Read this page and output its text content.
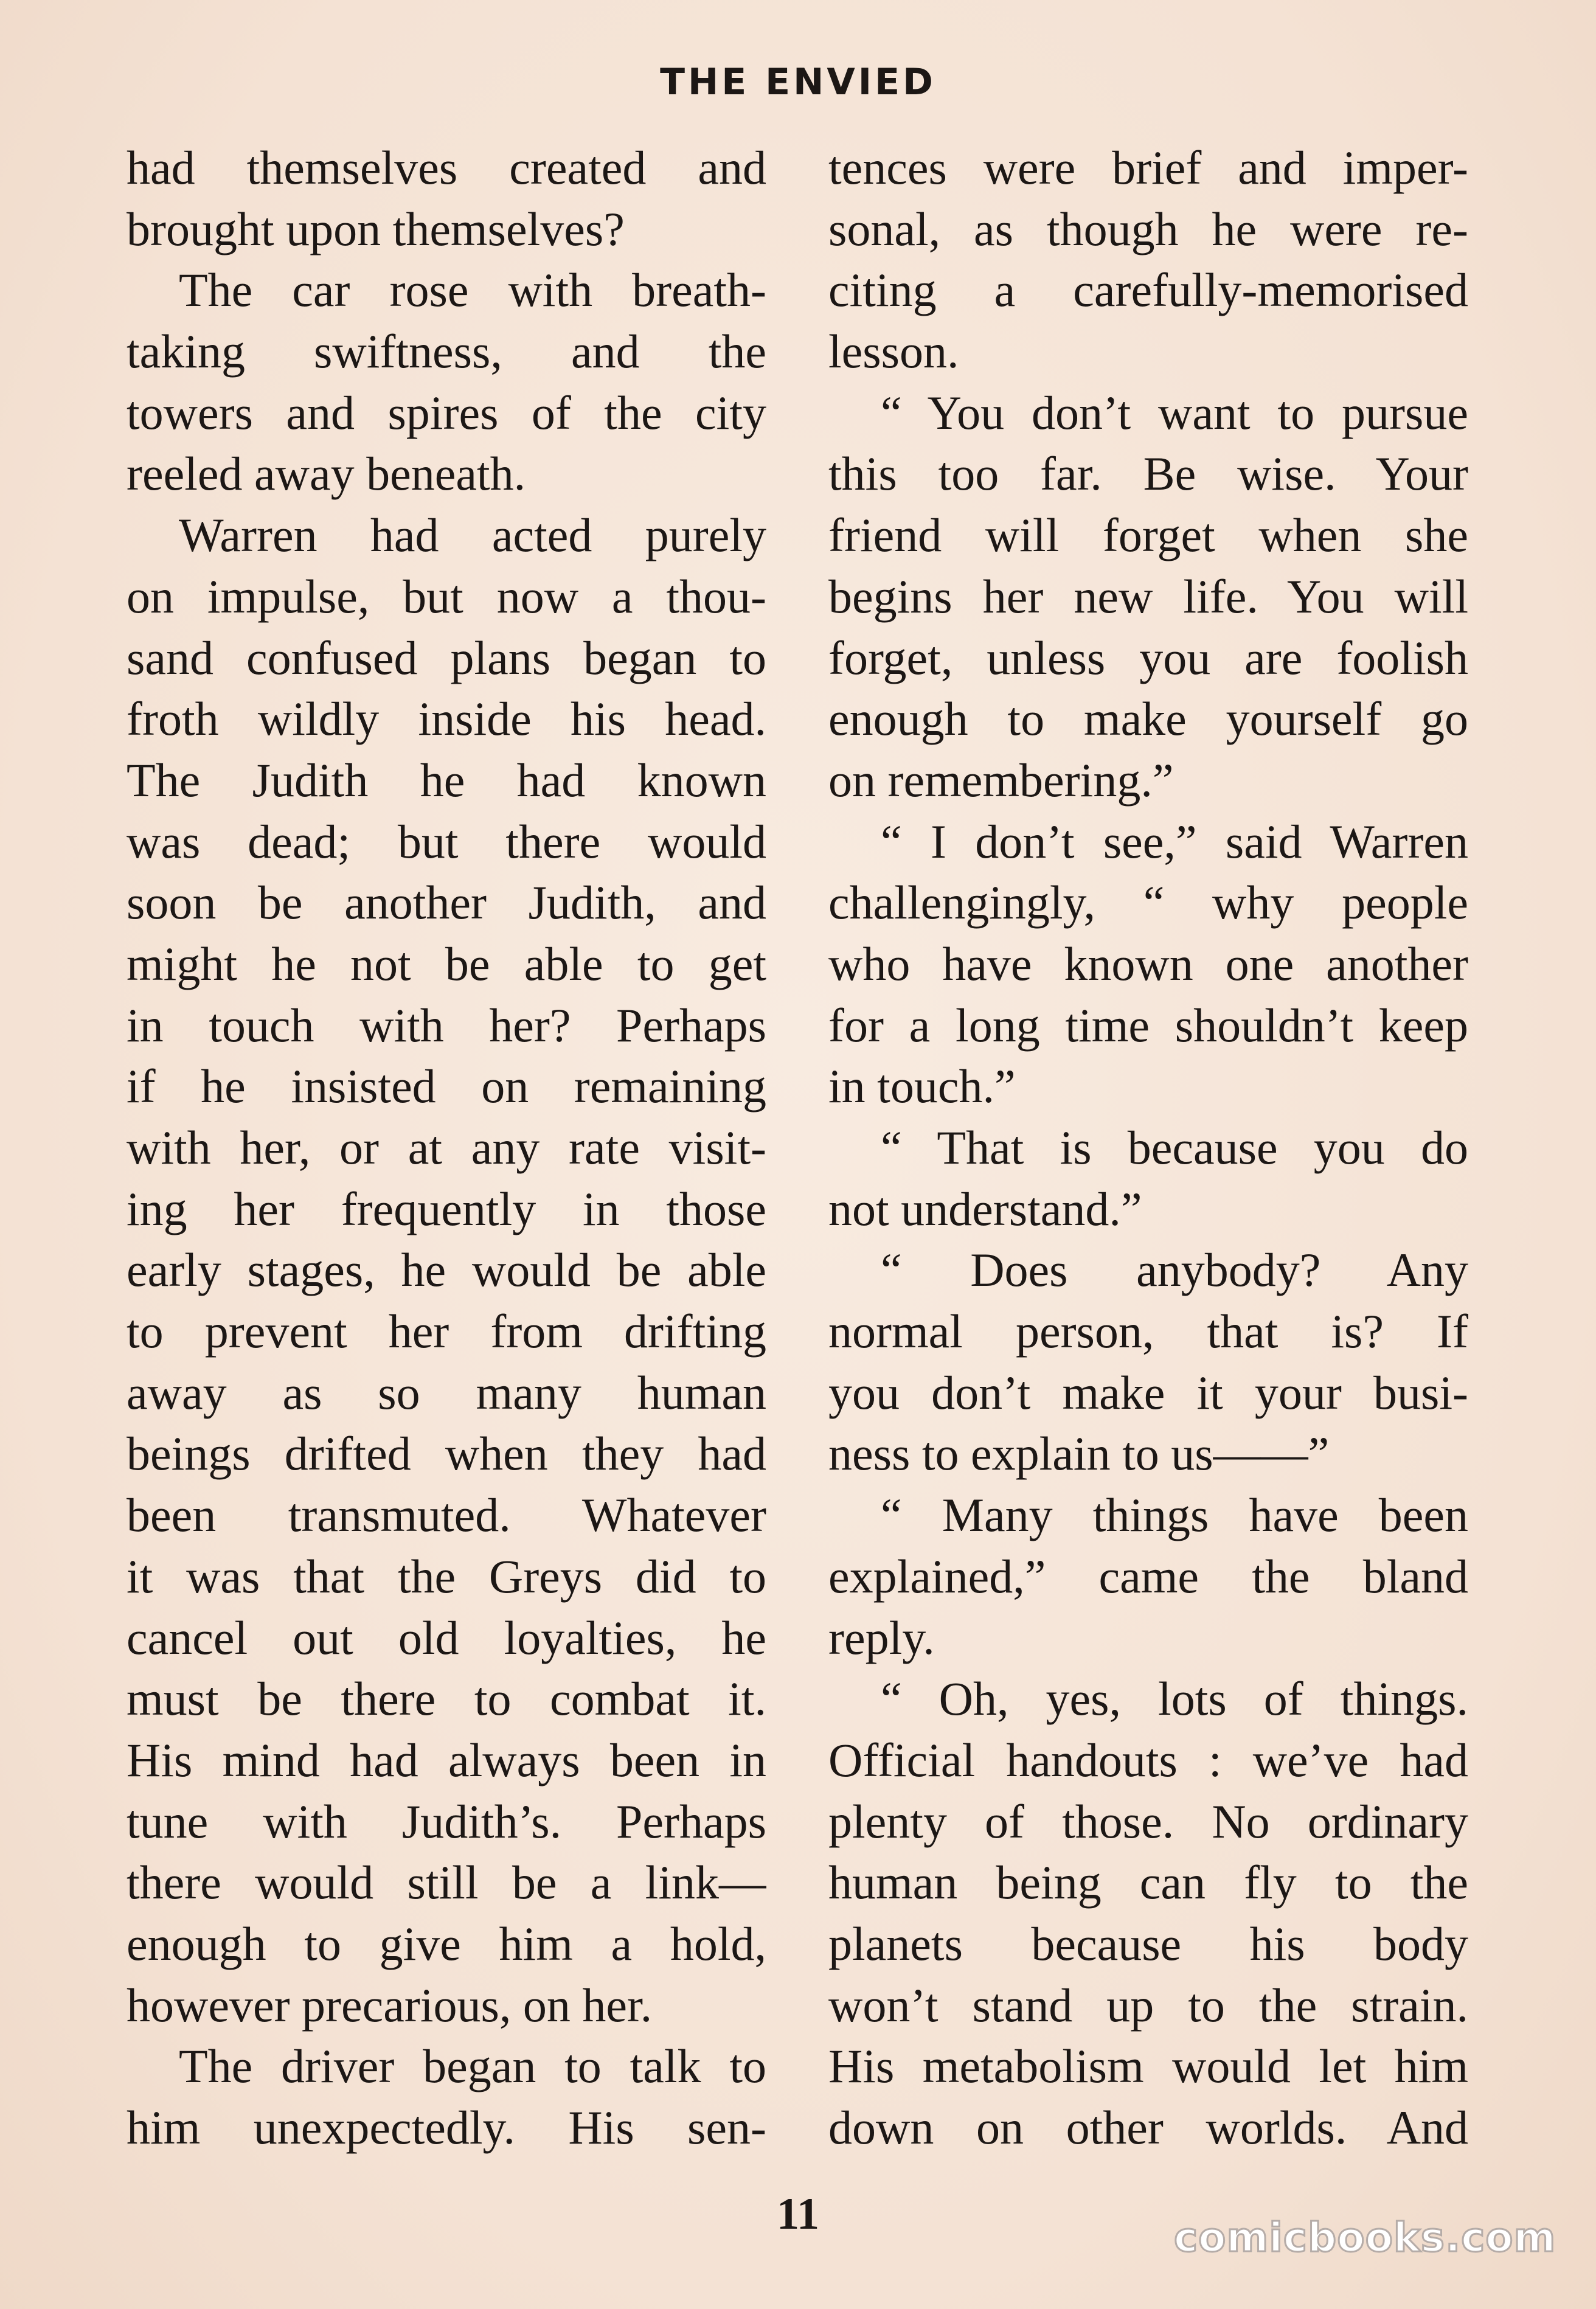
THE ENVIED
had themselves created and
brought upon themselves?
The car rose with breath-
taking swiftness, and the
towers and spires of the city
reeled away beneath.
Warren had acted purely
on impulse, but now a thou-
sand confused plans began to
froth wildly inside his head.
The Judith he had known
was dead; but there would
soon be another Judith, and
might he not be able to get
in touch with her? Perhaps
if he insisted on remaining
with her, or at any rate visit-
ing her frequently in those
early stages, he would be able
to prevent her from drifting
away as so many human
beings drifted when they had
been transmuted. Whatever
it was that the Greys did to
cancel out old loyalties, he
must be there to combat it.
His mind had always been in
tune with Judith’s. Perhaps
there would still be a link—
enough to give him a hold,
however precarious, on her.
The driver began to talk to
him unexpectedly. His sen-
tences were brief and imper-
sonal, as though he were re-
citing a carefully-memorised
lesson.
“ You don’t want to pursue
this too far. Be wise. Your
friend will forget when she
begins her new life. You will
forget, unless you are foolish
enough to make yourself go
on remembering.”
“ I don’t see,” said Warren
challengingly, “ why people
who have known one another
for a long time shouldn’t keep
in touch.”
“ That is because you do
not understand.”
“ Does anybody? Any
normal person, that is? If
you don’t make it your busi-
ness to explain to us——”
“ Many things have been
explained,” came the bland
reply.
“ Oh, yes, lots of things.
Official handouts : we’ve had
plenty of those. No ordinary
human being can fly to the
planets because his body
won’t stand up to the strain.
His metabolism would let him
down on other worlds. And
11	comicbooks.com
